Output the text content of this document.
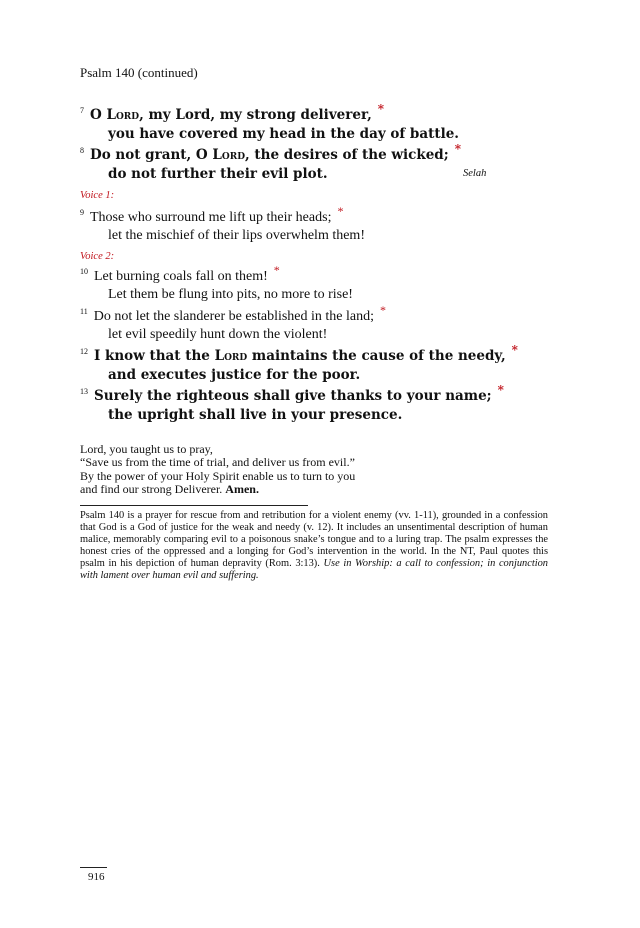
Psalm 140 (continued)
$^7$ O Lord, my Lord, my strong deliverer, *
you have covered my head in the day of battle.
$^8$ Do not grant, O Lord, the desires of the wicked; *
do not further their evil plot.	Selah
Voice 1:
$^9$ Those who surround me lift up their heads; *
let the mischief of their lips overwhelm them!
Voice 2:
$^{10}$ Let burning coals fall on them! *
Let them be flung into pits, no more to rise!
$^{11}$ Do not let the slanderer be established in the land; *
let evil speedily hunt down the violent!
$^{12}$ I know that the Lord maintains the cause of the needy, *
and executes justice for the poor.
$^{13}$ Surely the righteous shall give thanks to your name; *
the upright shall live in your presence.
Lord, you taught us to pray,
“Save us from the time of trial, and deliver us from evil.”
By the power of your Holy Spirit enable us to turn to you
and find our strong Deliverer. Amen.
Psalm 140 is a prayer for rescue from and retribution for a violent enemy (vv. 1-11), grounded in a confession that God is a God of justice for the weak and needy (v. 12). It includes an unsentimental description of human malice, memorably comparing evil to a poisonous snake’s tongue and to a luring trap. The psalm expresses the honest cries of the oppressed and a longing for God’s intervention in the world. In the NT, Paul quotes this psalm in his depiction of human depravity (Rom. 3:13). Use in Worship: a call to confession; in conjunction with lament over human evil and suffering.
916
